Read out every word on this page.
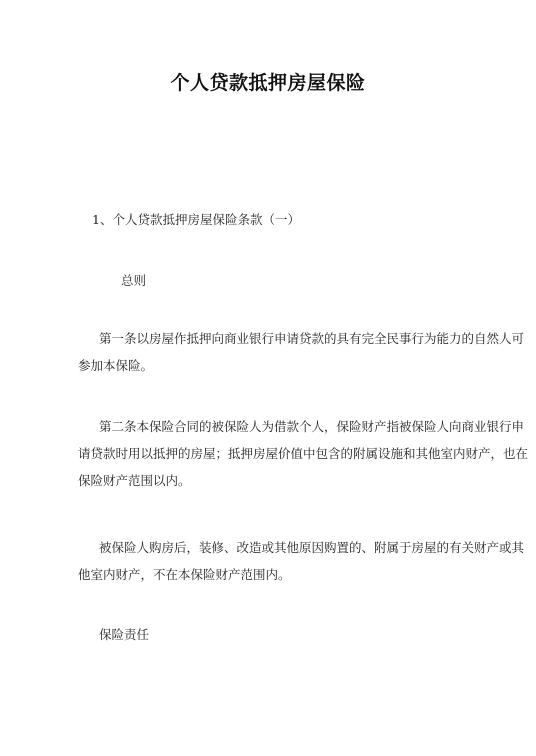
个人贷款抵押房屋保险
1、个人贷款抵押房屋保险条款（一）
总则
第一条以房屋作抵押向商业银行申请贷款的具有完全民事行为能力的自然人可
参加本保险。
第二条本保险合同的被保险人为借款个人，保险财产指被保险人向商业银行申
请贷款时用以抵押的房屋；抵押房屋价值中包含的附属设施和其他室内财产，也在
保险财产范围以内。
被保险人购房后，装修、改造或其他原因购置的、附属于房屋的有关财产或其
他室内财产，不在本保险财产范围内。
保险责任
